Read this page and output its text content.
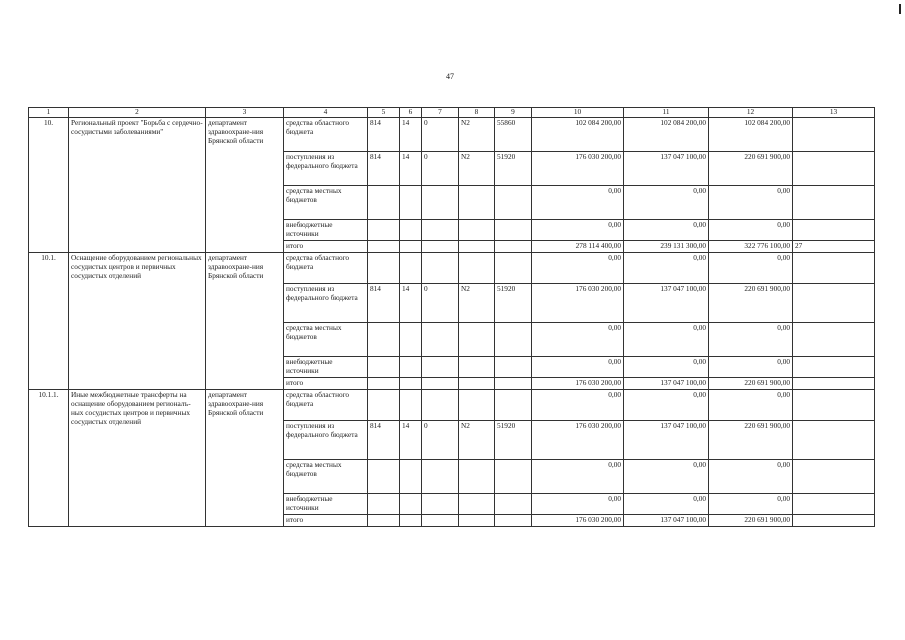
47
1	2	3	4	5	6	7	8	9	10	11	12	13
10.	Региональный проект "Борьба с сердечно-сосудистыми заболеваниями"	департамент здравоохране-ния Брянской области	средства областного бюджета	814	14	0	N2	55860	102 084 200,00	102 084 200,00	102 084 200,00	
			поступления из федерального бюджета	814	14	0	N2	51920	176 030 200,00	137 047 100,00	220 691 900,00	
			средства местных бюджетов						0,00	0,00	0,00	
			внебюджетные источники						0,00	0,00	0,00	
			итого						278 114 400,00	239 131 300,00	322 776 100,00	27
10.1.	Оснащение оборудованием региональных сосудистых центров и первичных сосудистых отделений	департамент здравоохране-ния Брянской области	средства областного бюджета						0,00	0,00	0,00	
			поступления из федерального бюджета	814	14	0	N2	51920	176 030 200,00	137 047 100,00	220 691 900,00	
			средства местных бюджетов						0,00	0,00	0,00	
			внебюджетные источники						0,00	0,00	0,00	
			итого						176 030 200,00	137 047 100,00	220 691 900,00	
10.1.1.	Иные межбюджетные трансферты на оснащение оборудованием регионалъ-ных сосудистых центров и первичных сосудистых отделений	департамент здравоохране-ния Брянской области	средства областного бюджета						0,00	0,00	0,00	
			поступления из федерального бюджета	814	14	0	N2	51920	176 030 200,00	137 047 100,00	220 691 900,00	
			средства местных бюджетов						0,00	0,00	0,00	
			внебюджетные источники						0,00	0,00	0,00	
			итого						176 030 200,00	137 047 100,00	220 691 900,00	
